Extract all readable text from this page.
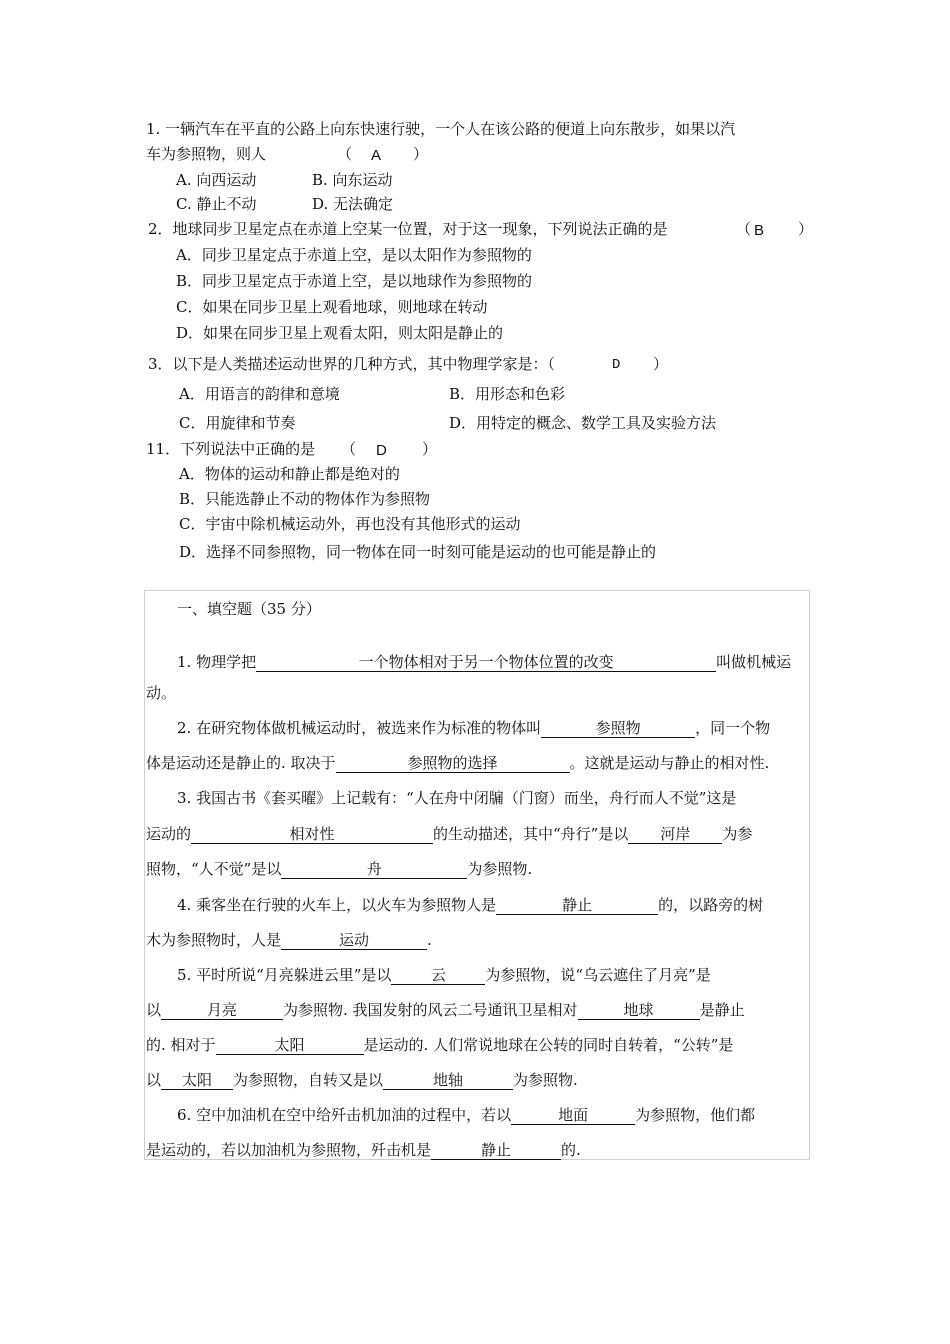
1. 一辆汽车在平直的公路上向东快速行驶，一个人在该公路的便道上向东散步，如果以汽
车为参照物，则人	（ A ）
A. 向西运动	B. 向东运动
C. 静止不动	D. 无法确定
2．地球同步卫星定点在赤道上空某一位置，对于这一现象，下列说法正确的是	（ B ）
A．同步卫星定点于赤道上空，是以太阳作为参照物的
B．同步卫星定点于赤道上空，是以地球作为参照物的
C．如果在同步卫星上观看地球，则地球在转动
D．如果在同步卫星上观看太阳，则太阳是静止的
3．以下是人类描述运动世界的几种方式，其中物理学家是：（	D ）
A．用语言的韵律和意境	B．用形态和色彩
C．用旋律和节奏	D．用特定的概念、数学工具及实验方法
11．下列说法中正确的是 （ D ）
A．物体的运动和静止都是绝对的
B．只能选静止不动的物体作为参照物
C．宇宙中除机械运动外，再也没有其他形式的运动
D．选择不同参照物，同一物体在同一时刻可能是运动的也可能是静止的
一、填空题（35 分）
1. 物理学把	一个物体相对于另一个物体位置的改变	叫做机械运
动。
2. 在研究物体做机械运动时，被选来作为标准的物体叫	参照物	，同一个物
体是运动还是静止的. 取决于	参照物的选择	。这就是运动与静止的相对性.
3. 我国古书《套买曜》上记载有：“人在舟中闭牖（门窗）而坐，舟行而人不觉”这是
运动的	相对性	的生动描述，其中“舟行”是以 河岸 为参
照物，“人不觉”是以	舟	为参照物.
4. 乘客坐在行驶的火车上，以火车为参照物人是	静止	的，以路旁的树
木为参照物时，人是	运动	.
5. 平时所说“月亮躲进云里”是以	云	为参照物，说“乌云遮住了月亮”是
以	月亮	为参照物. 我国发射的风云二号通讯卫星相对	地球	是静止
的. 相对于	太阳	是运动的. 人们常说地球在公转的同时自转着，“公转”是
以 太阳 为参照物，自转又是以	地轴	为参照物.
6. 空中加油机在空中给歼击机加油的过程中，若以	地面	为参照物，他们都
是运动的，若以加油机为参照物，歼击机是	静止	的.
